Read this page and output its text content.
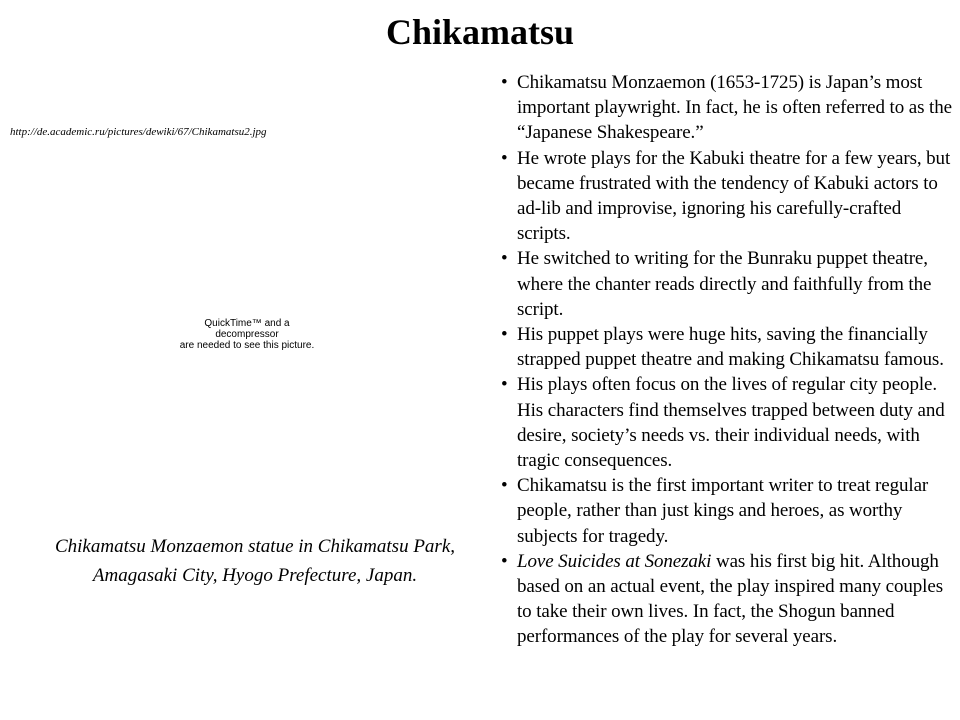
Chikamatsu
http://de.academic.ru/pictures/dewiki/67/Chikamatsu2.jpg
QuickTime™ and a
decompressor
are needed to see this picture.

Chikamatsu Monzaemon statue in Chikamatsu Park,
Amagasaki City, Hyogo Prefecture, Japan.

• Chikamatsu Monzaemon (1653-1725) is Japan’s most important playwright. In fact, he is often referred to as the “Japanese Shakespeare.”
• He wrote plays for the Kabuki theatre for a few years, but became frustrated with the tendency of Kabuki actors to ad-lib and improvise, ignoring his carefully-crafted scripts.
• He switched to writing for the Bunraku puppet theatre, where the chanter reads directly and faithfully from the script.
• His puppet plays were huge hits, saving the financially strapped puppet theatre and making Chikamatsu famous.
• His plays often focus on the lives of regular city people. His characters find themselves trapped between duty and desire, society’s needs vs. their individual needs, with tragic consequences.
• Chikamatsu is the first important writer to treat regular people, rather than just kings and heroes, as worthy subjects for tragedy.
• Love Suicides at Sonezaki was his first big hit. Although based on an actual event, the play inspired many couples to take their own lives. In fact, the Shogun banned performances of the play for several years.
